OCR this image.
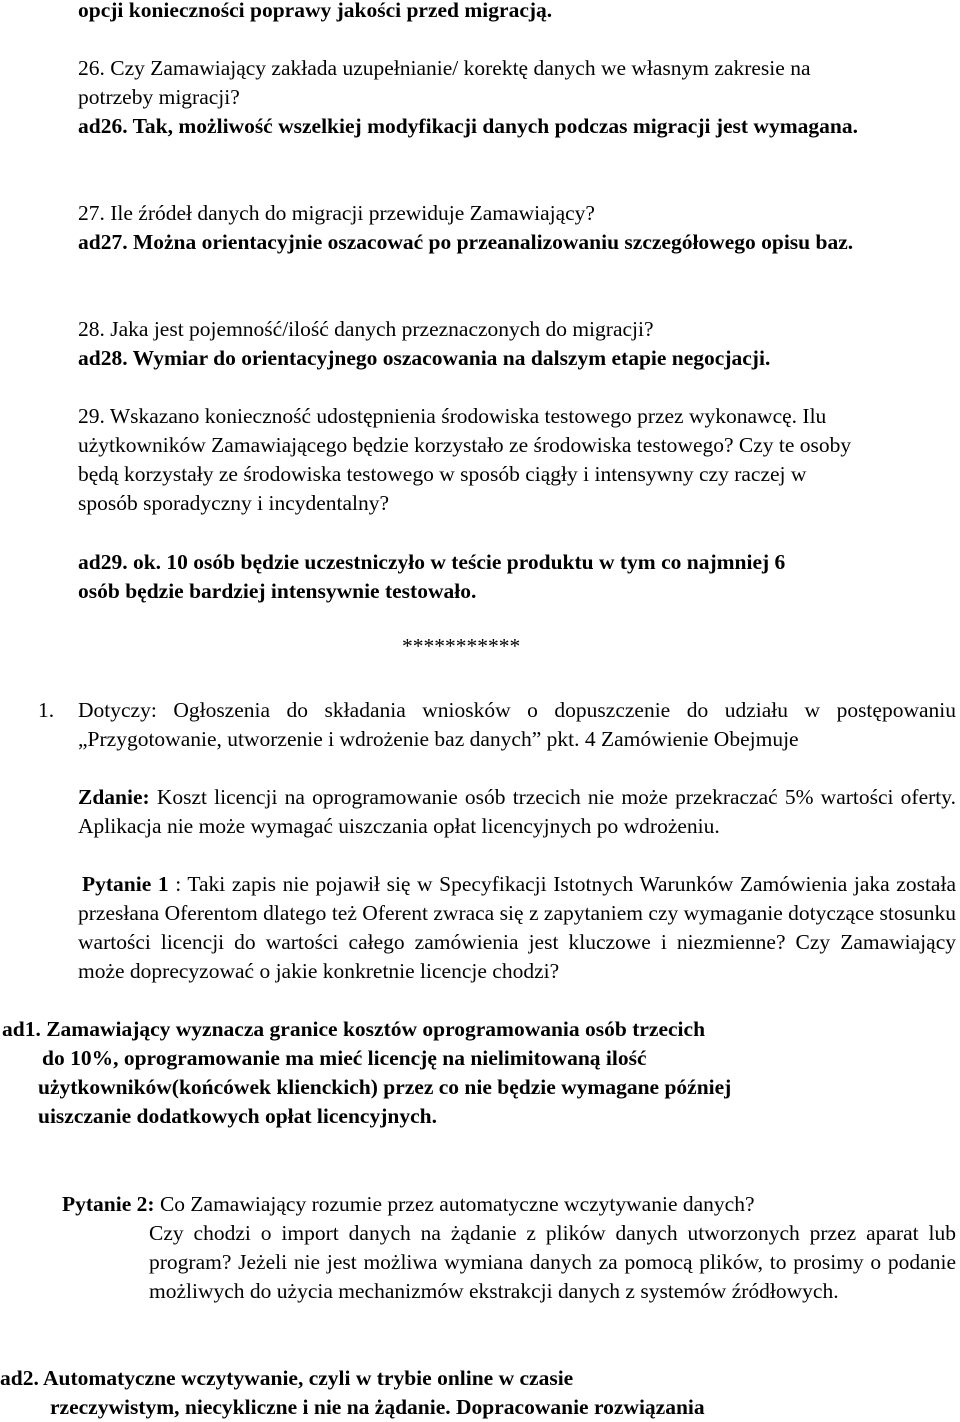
opcji konieczności poprawy jakości przed migracją.

26. Czy Zamawiający zakłada uzupełnianie/ korektę danych we własnym zakresie na potrzeby migracji?

ad26. Tak, możliwość wszelkiej modyfikacji danych podczas migracji jest wymagana.

27. Ile źródeł danych do migracji przewiduje Zamawiający?

ad27. Można orientacyjnie oszacować po przeanalizowaniu szczegółowego opisu baz.

28. Jaka jest pojemność/ilość danych przeznaczonych do migracji?

ad28. Wymiar do orientacyjnego oszacowania na dalszym etapie negocjacji.

29. Wskazano konieczność udostępnienia środowiska testowego przez wykonawcę. Ilu użytkowników Zamawiającego będzie korzystało ze środowiska testowego? Czy te osoby będą korzystały ze środowiska testowego w sposób ciągły i intensywny czy raczej w sposób sporadyczny i incydentalny?

ad29. ok. 10 osób będzie uczestniczyło w teście produktu w tym co najmniej 6 osób będzie bardziej intensywnie testowało.

***********

1. Dotyczy: Ogłoszenia do składania wniosków o dopuszczenie do udziału w postępowaniu „Przygotowanie, utworzenie i wdrożenie baz danych” pkt. 4 Zamówienie Obejmuje

Zdanie: Koszt licencji na oprogramowanie osób trzecich nie może przekraczać 5% wartości oferty. Aplikacja nie może wymagać uiszczania opłat licencyjnych po wdrożeniu.

Pytanie 1 : Taki zapis nie pojawił się w Specyfikacji Istotnych Warunków Zamówienia jaka została przesłana Oferentom dlatego też Oferent zwraca się z zapytaniem czy wymaganie dotyczące stosunku wartości licencji do wartości całego zamówienia jest kluczowe i niezmienne? Czy Zamawiający może doprecyzować o jakie konkretnie licencje chodzi?

ad1. Zamawiający wyznacza granice kosztów oprogramowania osób trzecich
do 10%, oprogramowanie ma mieć licencję na nielimitowaną ilość
użytkowników(końcówek klienckich) przez co nie będzie wymagane później
uiszczanie dodatkowych opłat licencyjnych.

Pytanie 2: Co Zamawiający rozumie przez automatyczne wczytywanie danych?

Czy chodzi o import danych na żądanie z plików danych utworzonych przez aparat lub program? Jeżeli nie jest możliwa wymiana danych za pomocą plików, to prosimy o podanie możliwych do użycia mechanizmów ekstrakcji danych z systemów źródłowych.

ad2. Automatyczne wczytywanie, czyli w trybie online w czasie
rzeczywistym, niecykliczne i nie na żądanie. Dopracowanie rozwiązania
